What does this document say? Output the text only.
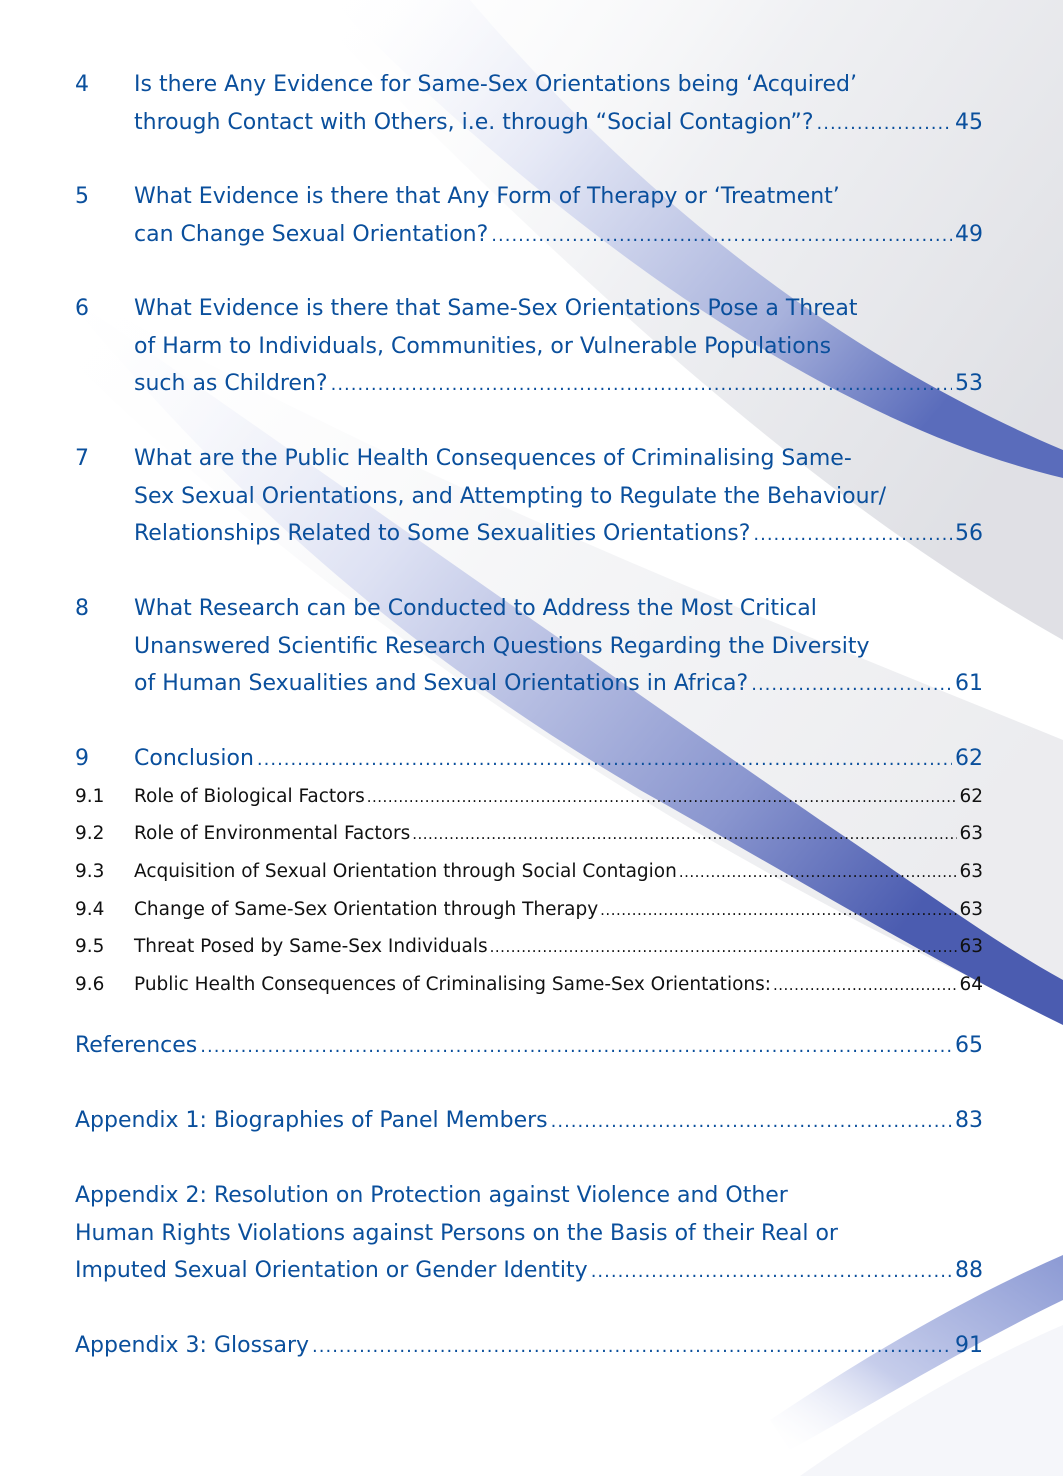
4 Is there Any Evidence for Same-Sex Orientations being ‘Acquired’
through Contact with Others, i.e. through “Social Contagion”? .....	45
5 What Evidence is there that Any Form of Therapy or ‘Treatment’
can Change Sexual Orientation? .....	49
6 What Evidence is there that Same-Sex Orientations Pose a Threat
of Harm to Individuals, Communities, or Vulnerable Populations
such as Children? .....	53
7 What are the Public Health Consequences of Criminalising Same-
Sex Sexual Orientations, and Attempting to Regulate the Behaviour/
Relationships Related to Some Sexualities Orientations? .....	56
8 What Research can be Conducted to Address the Most Critical
Unanswered Scientific Research Questions Regarding the Diversity
of Human Sexualities and Sexual Orientations in Africa? .....	61
9 Conclusion .....	62
9.1 Role of Biological Factors .....	62
9.2 Role of Environmental Factors .....	63
9.3 Acquisition of Sexual Orientation through Social Contagion .....	63
9.4 Change of Same-Sex Orientation through Therapy .....	63
9.5 Threat Posed by Same-Sex Individuals .....	63
9.6 Public Health Consequences of Criminalising Same-Sex Orientations: .....	64
References .....	65
Appendix 1: Biographies of Panel Members .....	83
Appendix 2: Resolution on Protection against Violence and Other
Human Rights Violations against Persons on the Basis of their Real or
Imputed Sexual Orientation or Gender Identity .....	88
Appendix 3: Glossary .....	91
